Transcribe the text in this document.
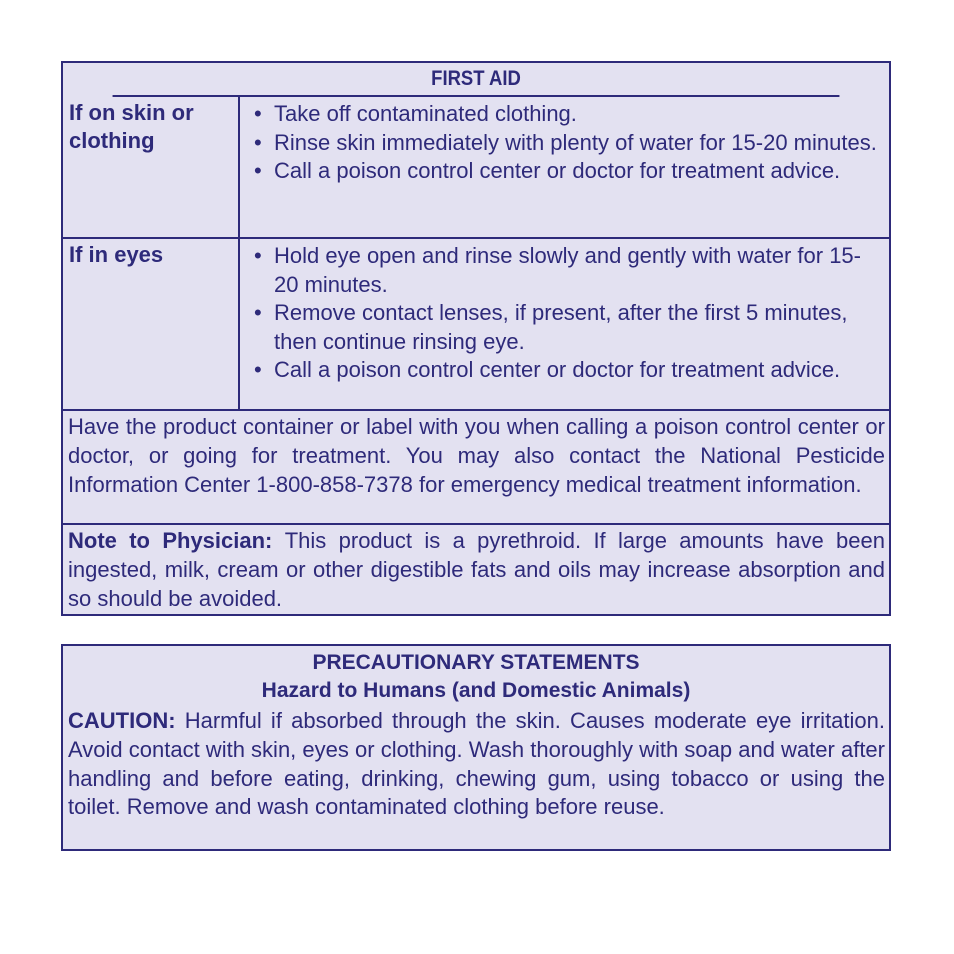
FIRST AID
If on skin or clothing
• Take off contaminated clothing.
• Rinse skin immediately with plenty of water for 15-20 minutes.
• Call a poison control center or doctor for treatment advice.
If in eyes
•	Hold eye open and rinse slowly and gently with water for 15-20 minutes.
• Remove contact lenses, if present, after the first 5 minutes, then continue rinsing eye.
• Call a poison control center or doctor for treatment advice.
Have the product container or label with you when calling a poison control center or doctor, or going for treatment. You may also contact the National Pesticide Information Center 1-800-858-7378 for emergency medical treatment information.
Note to Physician: This product is a pyrethroid. If large amounts have been ingested, milk, cream or other digestible fats and oils may increase absorption and so should be avoided.
PRECAUTIONARY STATEMENTS
Hazard to Humans (and Domestic Animals)
CAUTION: Harmful if absorbed through the skin. Causes moderate eye irritation. Avoid contact with skin, eyes or clothing. Wash thoroughly with soap and water after handling and before eating, drinking, chewing gum, using tobacco or using the toilet. Remove and wash contaminated clothing before reuse.
